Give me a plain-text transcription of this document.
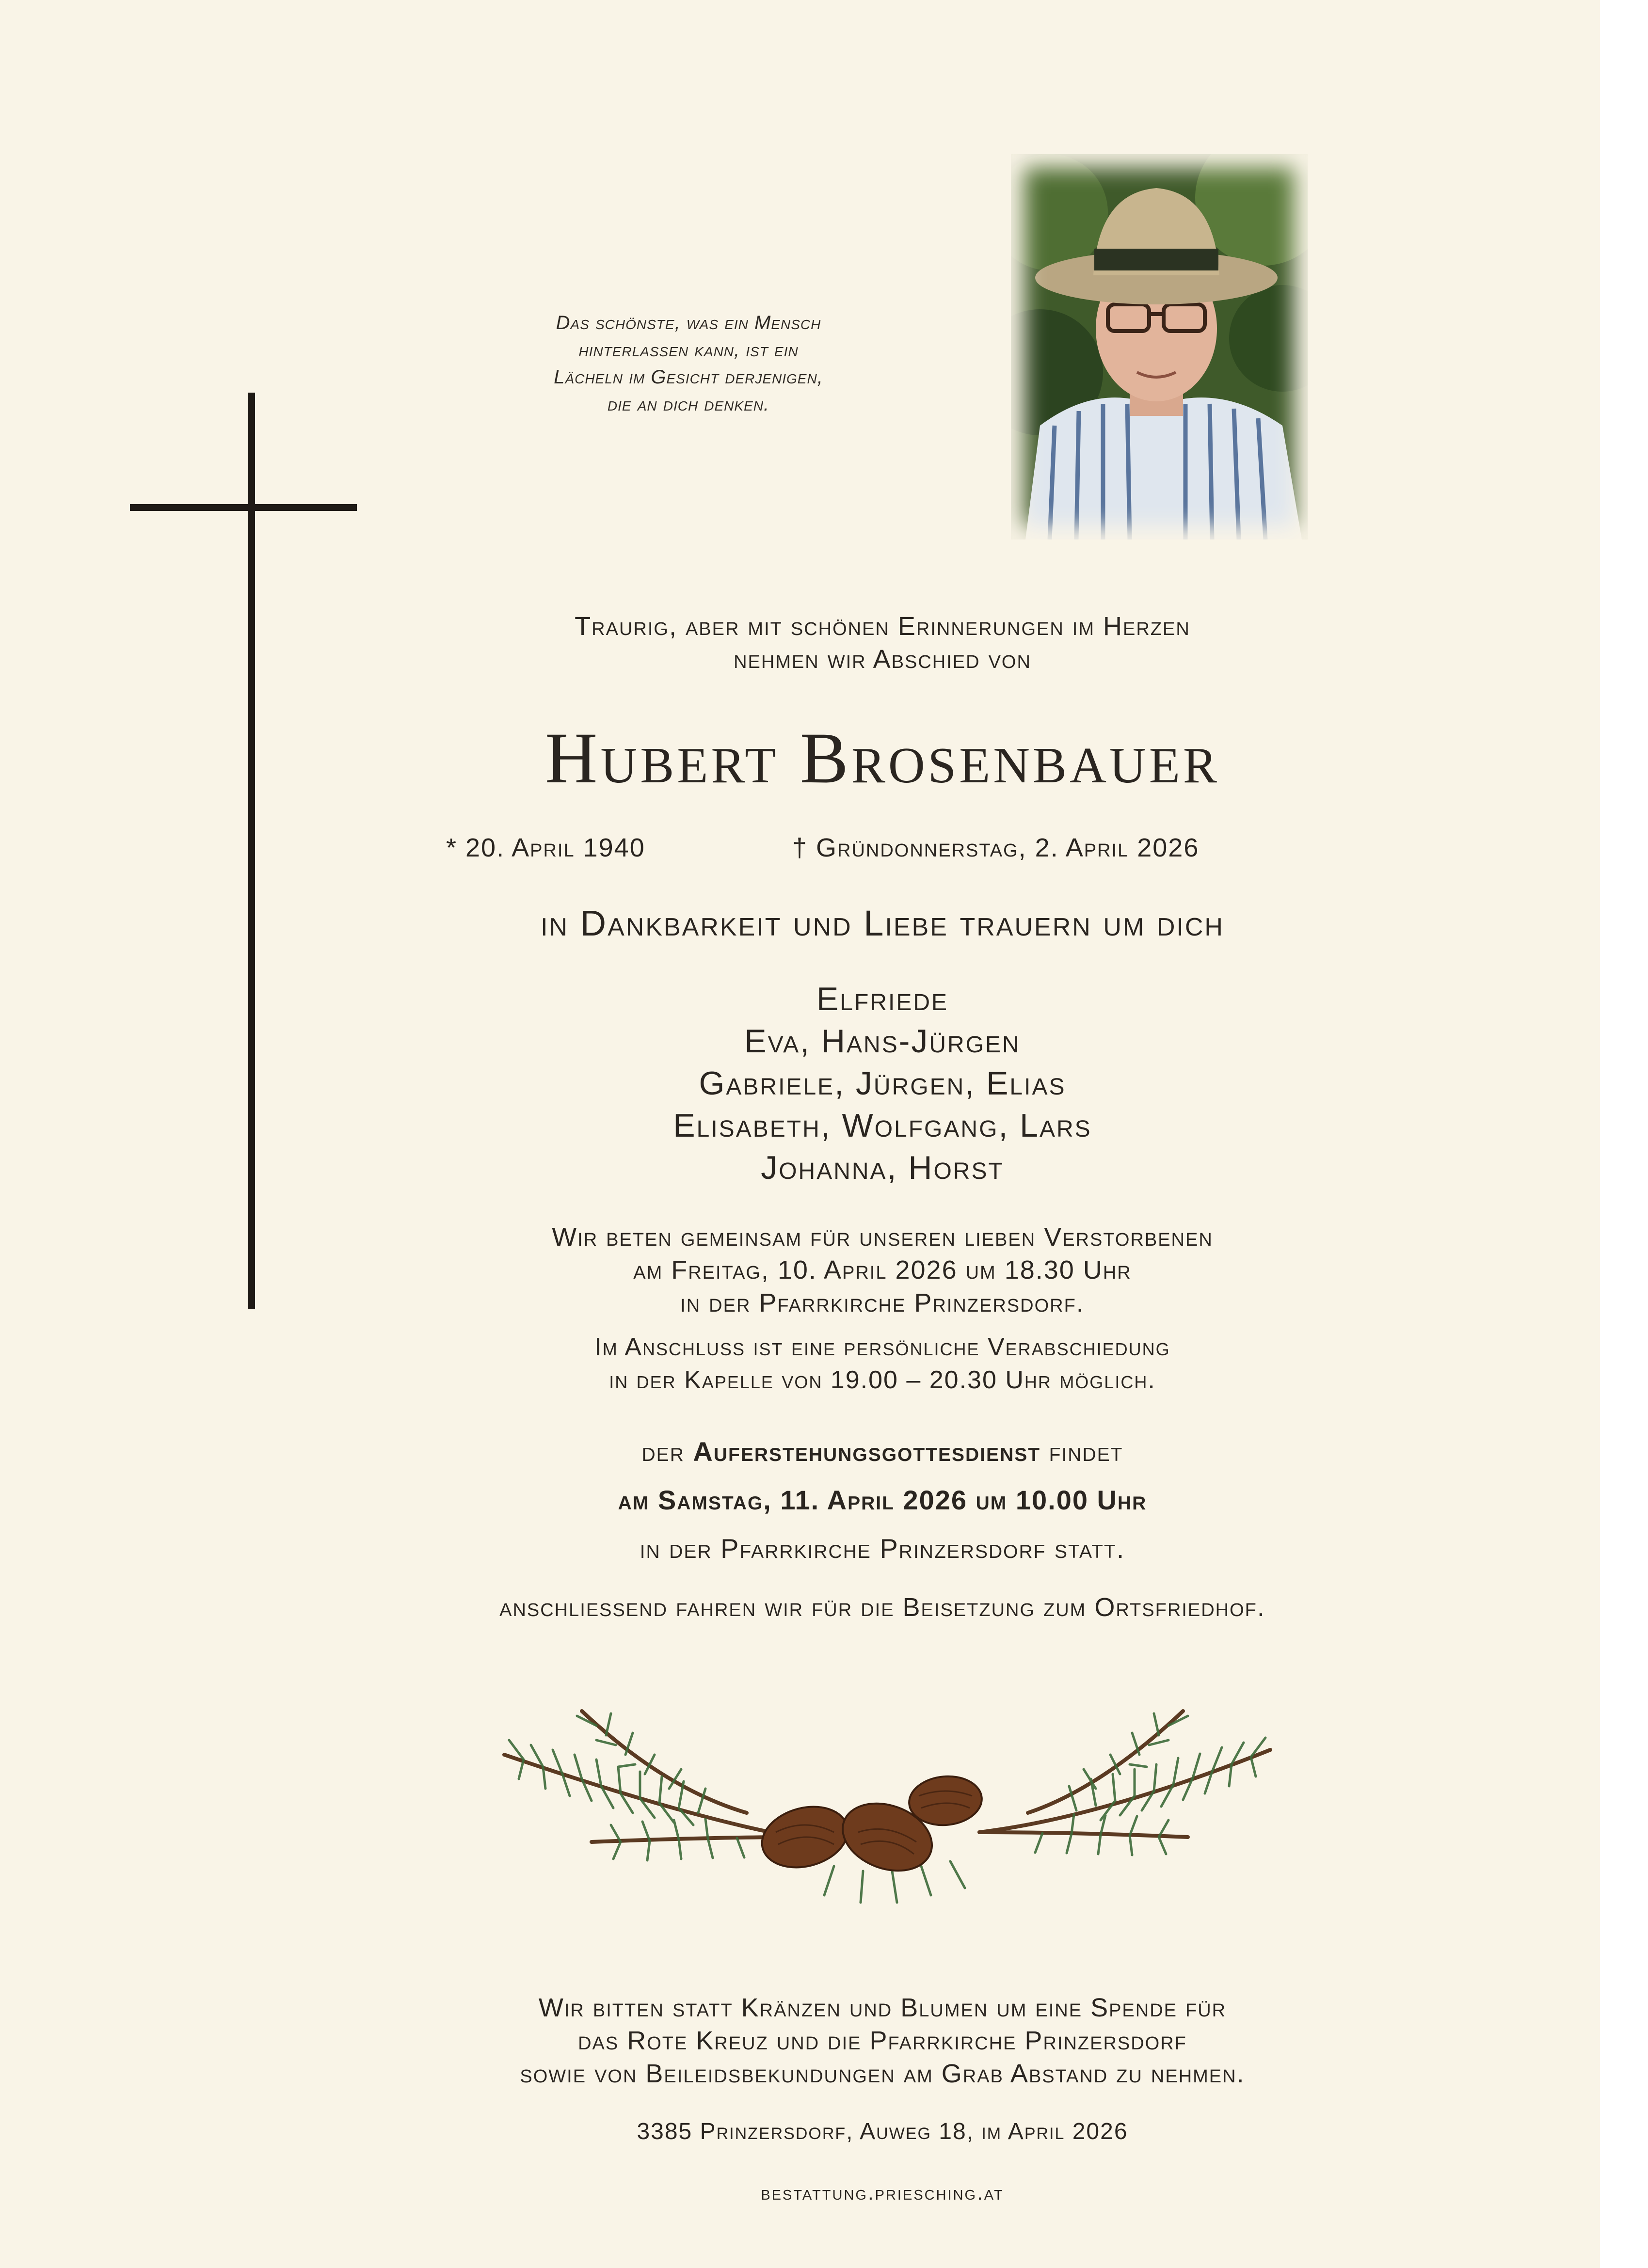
Das schönste, was ein Mensch
hinterlassen kann, ist ein
Lächeln im Gesicht derjenigen,
die an dich denken.
Traurig, aber mit schönen Erinnerungen im Herzen
nehmen wir Abschied von
Hubert Brosenbauer
* 20. April 1940	† Gründonnerstag, 2. April 2026
in Dankbarkeit und Liebe trauern um dich
Elfriede
Eva, Hans-Jürgen
Gabriele, Jürgen, Elias
Elisabeth, Wolfgang, Lars
Johanna, Horst
Wir beten gemeinsam für unseren lieben Verstorbenen
am Freitag, 10. April 2026 um 18.30 Uhr
in der Pfarrkirche Prinzersdorf.
Im Anschluss ist eine persönliche Verabschiedung
in der Kapelle von 19.00 – 20.30 Uhr möglich.
der Auferstehungsgottesdienst findet
am Samstag, 11. April 2026 um 10.00 Uhr
in der Pfarrkirche Prinzersdorf statt.
anschliessend fahren wir für die Beisetzung zum Ortsfriedhof.
Wir bitten statt Kränzen und Blumen um eine Spende für
das Rote Kreuz und die Pfarrkirche Prinzersdorf
sowie von Beileidsbekundungen am Grab Abstand zu nehmen.
3385 Prinzersdorf, Auweg 18, im April 2026
bestattung.priesching.at
